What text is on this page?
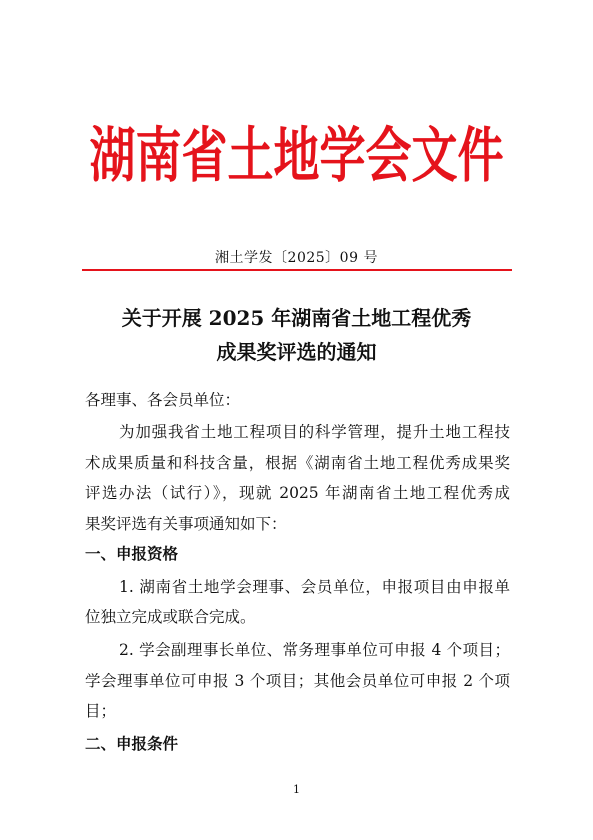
湖南省土地学会文件
湘土学发〔2025〕09 号
关于开展 2025 年湖南省土地工程优秀
成果奖评选的通知
各理事、各会员单位：
为加强我省土地工程项目的科学管理，提升土地工程技
术成果质量和科技含量，根据《湖南省土地工程优秀成果奖
评选办法（试行）》，现就 2025 年湖南省土地工程优秀成
果奖评选有关事项通知如下：
一、申报资格
1. 湖南省土地学会理事、会员单位，申报项目由申报单
位独立完成或联合完成。
2. 学会副理事长单位、常务理事单位可申报 4 个项目；
学会理事单位可申报 3 个项目；其他会员单位可申报 2 个项
目；
二、申报条件
1
